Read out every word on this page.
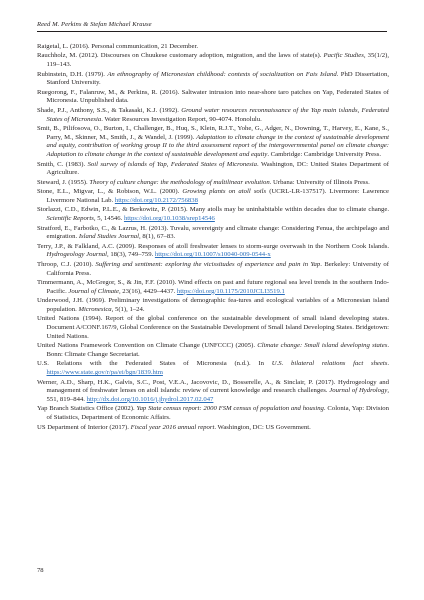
Reed M. Perkins & Stefan Michael Krause
Raigetal, L. (2016). Personal communication, 21 December.
Rauchholz, M. (2012). Discourses on Chuukese customary adoption, migration, and the laws of state(s). Pacific Studies, 35(1/2), 119–143.
Rubinstein, D.H. (1979). An ethnography of Micronesian childhood: contexts of socialization on Fais Island. PhD Dissertation, Stanford University.
Ruegorong, F., Falanruw, M., & Perkins, R. (2016). Saltwater intrusion into near-shore taro patches on Yap, Federated States of Micronesia. Unpublished data.
Shade, P.J., Anthony, S.S., & Takasaki, K.J. (1992). Ground water resources reconnaissance of the Yap main islands, Federated States of Micronesia. Water Resources Investigation Report, 90-4074. Honolulu.
Smit, B., Pilifosova, O., Burton, I., Challenger, B., Huq, S., Klein, R.J.T., Yohe, G., Adger, N., Downing, T., Harvey, E., Kane, S., Parry, M., Skinner, M., Smith, J., & Wandel, J. (1999). Adaptation to climate change in the context of sustainable development and equity, contribution of working group II to the third assessment report of the intergovernmental panel on climate change: Adaptation to climate change in the context of sustainable development and equity. Cambridge: Cambridge University Press.
Smith, C. (1983). Soil survey of islands of Yap, Federated States of Micronesia. Washington, DC: United States Department of Agriculture.
Steward, J. (1955). Theory of culture change: the methodology of multilinear evolution. Urbana: University of Illinois Press.
Stone, E.L., Migvar, L., & Robison, W.L. (2000). Growing plants on atoll soils (UCRL-LR-137517). Livermore: Lawrence Livermore National Lab. https://doi.org/10.2172/756838
Storlazzi, C.D., Edwin, P.L.E., & Berkowitz, P. (2015). Many atolls may be uninhabitable within decades due to climate change. Scientific Reports, 5, 14546. https://doi.org/10.1038/srep14546
Stratford, E., Farbotko, C., & Lazrus, H. (2013). Tuvalu, sovereignty and climate change: Considering Fenua, the archipelago and emigration. Island Studies Journal, 8(1), 67–83.
Terry, J.P., & Falkland, A.C. (2009). Responses of atoll freshwater lenses to storm-surge overwash in the Northern Cook Islands. Hydrogeology Journal, 18(3), 749–759. https://doi.org/10.1007/s10040-009-0544-x
Throop, C.J. (2010). Suffering and sentiment: exploring the vicissitudes of experience and pain in Yap. Berkeley: University of California Press.
Timmermann, A., McGregor, S., & Jin, F.F. (2010). Wind effects on past and future regional sea level trends in the southern Indo-Pacific. Journal of Climate, 23(16), 4429–4437. https://doi.org/10.1175/2010JCLI3519.1
Underwood, J.H. (1969). Preliminary investigations of demographic fea-tures and ecological variables of a Micronesian island population. Micronesica, 5(1), 1–24.
United Nations (1994). Report of the global conference on the sustainable development of small island developing states. Document A/CONF.167/9, Global Conference on the Sustainable Development of Small Island Developing States. Bridgetown: United Nations.
United Nations Framework Convention on Climate Change (UNFCCC) (2005). Climate change: Small island developing states. Bonn: Climate Change Secretariat.
U.S. Relations with the Federated States of Micronesia (n.d.). In U.S. bilateral relations fact sheets. https://www.state.gov/r/pa/ei/bgn/1839.htm
Werner, A.D., Sharp, H.K., Galvis, S.C., Post, V.E.A., Jacovovic, D., Bosserelle, A., & Sinclair, P. (2017). Hydrogeology and management of freshwater lenses on atoll islands: review of current knowledge and research challenges. Journal of Hydrology, 551, 819–844. http://dx.doi.org/10.1016/j.jhydrol.2017.02.047
Yap Branch Statistics Office (2002). Yap State census report: 2000 FSM census of population and housing. Colonia, Yap: Division of Statistics, Department of Economic Affairs.
US Department of Interior (2017). Fiscal year 2016 annual report. Washington, DC: US Government.
78
